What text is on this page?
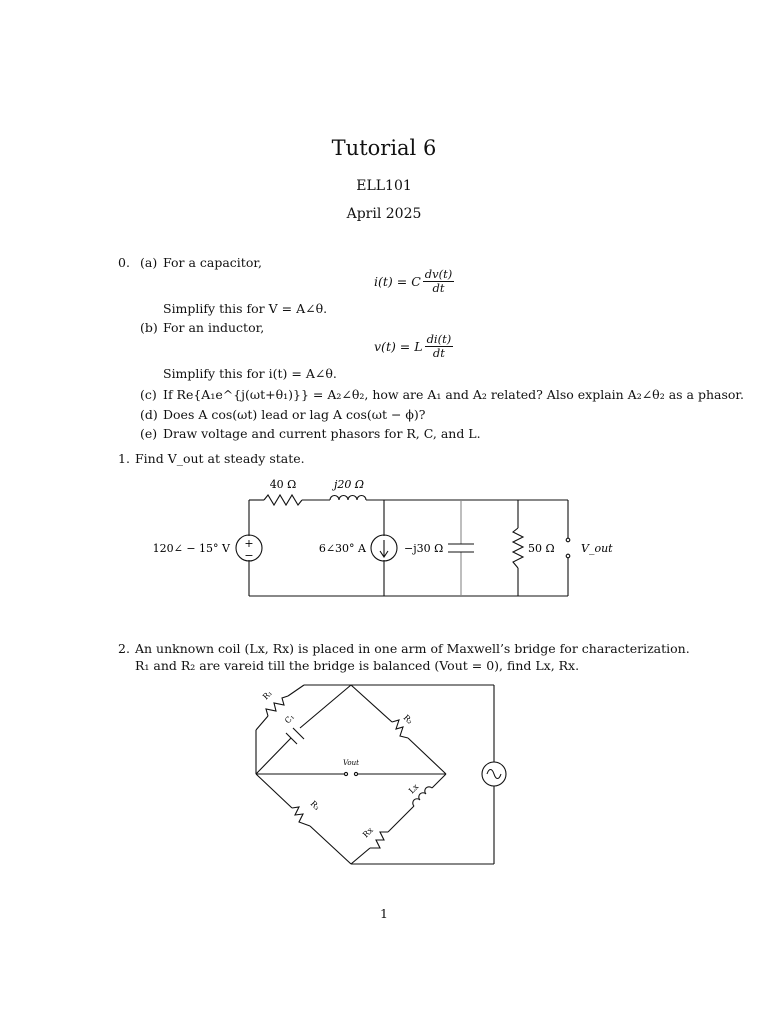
Tutorial 6
ELL101
April 2025
0. (a) For a capacitor,
i(t) = C $\frac{dv(t)}{dt}$
Simplify this for V = A∠θ.
(b) For an inductor,
v(t) = L $\frac{di(t)}{dt}$
Simplify this for i(t) = A∠θ.
(c) If Re{A₁e^{j(ωt+θ₁)}} = A₂∠θ₂, how are A₁ and A₂ related? Also explain A₂∠θ₂ as a phasor.
(d) Does A cos(ωt) lead or lag A cos(ωt − ϕ)?
(e) Draw voltage and current phasors for R, C, and L.
1. Find V_out at steady state.
40 Ω	j20 Ω
120∠ − 15° V +
−
6∠30° A	−j30 Ω	50 Ω V_out
2. An unknown coil (Lx, Rx) is placed in one arm of Maxwell’s bridge for characterization.
R₁ and R₂ are vareid till the bridge is balanced (Vout = 0), find Lx, Rx.
R₁
C₁	R₂
R₃
Lx
Rx
Vout
1
